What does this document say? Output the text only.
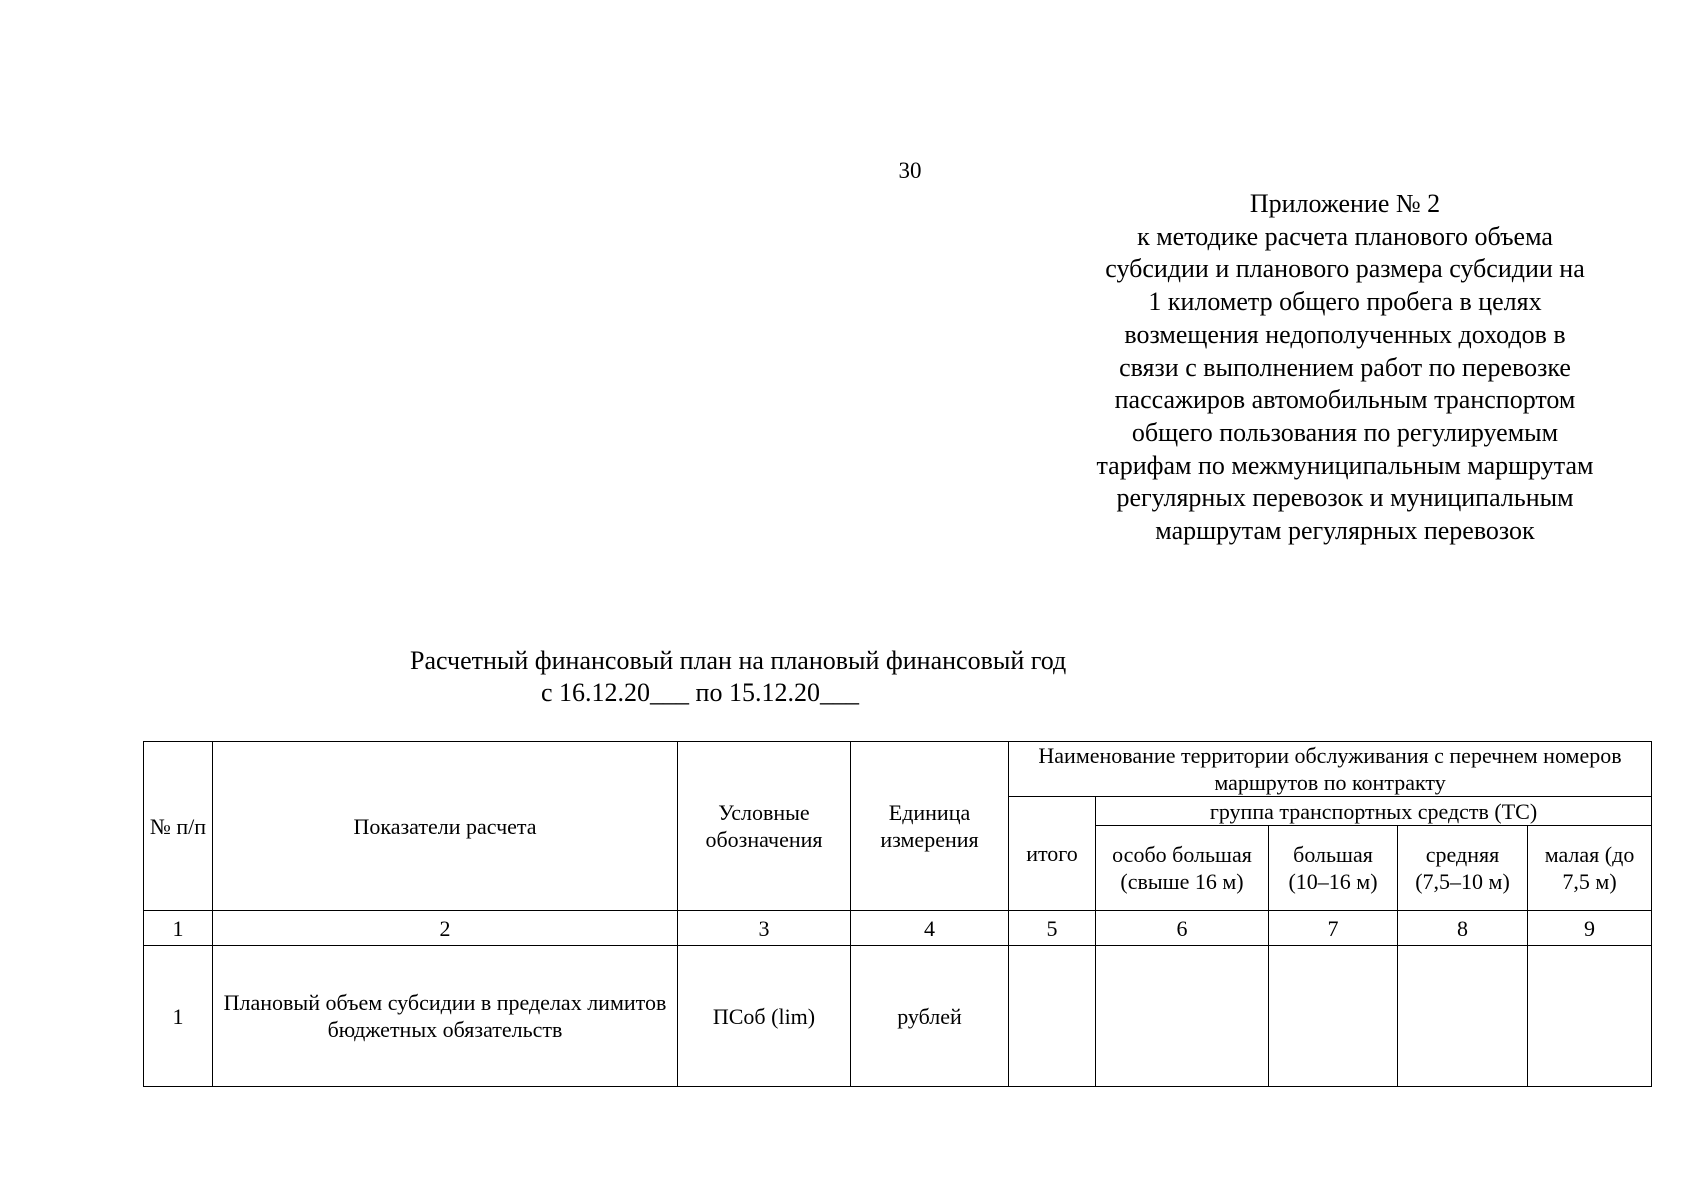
30
Приложение № 2
к методике расчета планового объема
субсидии и планового размера субсидии на
1 километр общего пробега в целях
возмещения недополученных доходов в
связи с выполнением работ по перевозке
пассажиров автомобильным транспортом
общего пользования по регулируемым
тарифам по межмуниципальным маршрутам
регулярных перевозок и муниципальным
маршрутам регулярных перевозок
Расчетный финансовый план на плановый финансовый год
с 16.12.20___ по 15.12.20___
№ п/п	Показатели расчета	Условные обозначения	Единица измерения	Наименование территории обслуживания с перечнем номеров маршрутов по контракту				
				итого	группа транспортных средств (ТС)			
					особо большая (свыше 16 м)	большая (10–16 м)	средняя (7,5–10 м)	малая (до 7,5 м)
1	2	3	4	5	6	7	8	9
1	Плановый объем субсидии в пределах лимитов бюджетных обязательств	ПСоб (lim)	рублей					
